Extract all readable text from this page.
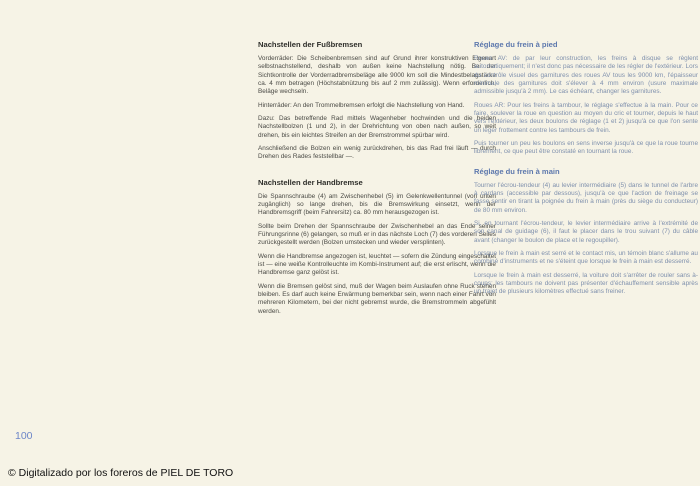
Nachstellen der Fußbremsen

Vorderräder: Die Scheibenbremsen sind auf Grund ihrer konstruktiven Eigenart selbstnachstellend, deshalb von außen keine Nachstellung nötig. Bei der Sichtkontrolle der Vorderradbremsbeläge alle 9000 km soll die Mindestbelagstärke ca. 4 mm betragen (Höchstabnützung bis auf 2 mm zulässig). Wenn erforderlich, Beläge wechseln.

Hinterräder: An den Trommelbremsen erfolgt die Nachstellung von Hand.

Dazu: Das betreffende Rad mittels Wagenheber hochwinden und die beiden Nachstellbolzen (1 und 2), in der Drehrichtung von oben nach außen, so weit drehen, bis ein leichtes Streifen an der Bremstrommel spürbar wird.

Anschließend die Bolzen ein wenig zurückdrehen, bis das Rad frei läuft — durch Drehen des Rades feststellbar —.

Nachstellen der Handbremse

Die Spannschraube (4) am Zwischenhebel (5) im Gelenkwellentunnel (von unten zugänglich) so lange drehen, bis die Bremswirkung einsetzt, wenn der Handbremsgriff (beim Fahrersitz) ca. 80 mm herausgezogen ist.

Sollte beim Drehen der Spannschraube der Zwischenhebel an das Ende seiner Führungsrinne (6) gelangen, so muß er in das nächste Loch (7) des vorderen Seiles zurückgestellt werden (Bolzen umstecken und wieder versplinten).

Wenn die Handbremse angezogen ist, leuchtet — sofern die Zündung eingeschaltet ist — eine weiße Kontrolleuchte im Kombi-Instrument auf; die erst erlischt, wenn die Handbremse ganz gelöst ist.

Wenn die Bremsen gelöst sind, muß der Wagen beim Auslaufen ohne Ruck stehen bleiben. Es darf auch keine Erwärmung bemerkbar sein, wenn nach einer Fahrt von mehreren Kilometern, bei der nicht gebremst wurde, die Bremstrommeln abgefühlt werden.

Réglage du frein à pied

Roues AV: de par leur construction, les freins à disque se règlent automatiquement; il n'est donc pas nécessaire de les régler de l'extérieur. Lors du contrôle visuel des garnitures des roues AV tous les 9000 km, l'épaisseur minimale des garnitures doit s'élever à 4 mm environ (usure maximale admissible jusqu'à 2 mm). Le cas échéant, changer les garnitures.

Roues AR: Pour les freins à tambour, le réglage s'effectue à la main. Pour ce faire, soulever la roue en question au moyen du cric et tourner, depuis le haut vers l'extérieur, les deux boulons de réglage (1 et 2) jusqu'à ce que l'on sente un léger frottement contre les tambours de frein.

Puis tourner un peu les boulons en sens inverse jusqu'à ce que la roue tourne librement, ce que peut être constaté en tournant la roue.

Réglage du frein à main

Tourner l'écrou-tendeur (4) au levier intermédiaire (5) dans le tunnel de l'arbre à cardans (accessible par dessous), jusqu'à ce que l'action de freinage se fasse sentir en tirant la poignée du frein à main (près du siège du conducteur) de 80 mm environ.

Si, en tournant l'écrou-tendeur, le levier intermédiaire arrive à l'extrémité de son canal de guidage (6), il faut le placer dans le trou suivant (7) du câble avant (changer le boulon de place et le regoupiller).

Lorsque le frein à main est serré et le contact mis, un témoin blanc s'allume au combiné d'instruments et ne s'éteint que lorsque le frein à main est desserré.

Lorsque le frein à main est desserré, la voiture doit s'arrêter de rouler sans à-coups; les tambours ne doivent pas présenter d'échauffement sensible après un trajet de plusieurs kilomètres effectué sans freiner.

100
© Digitalizado por los foreros de PIEL DE TORO
